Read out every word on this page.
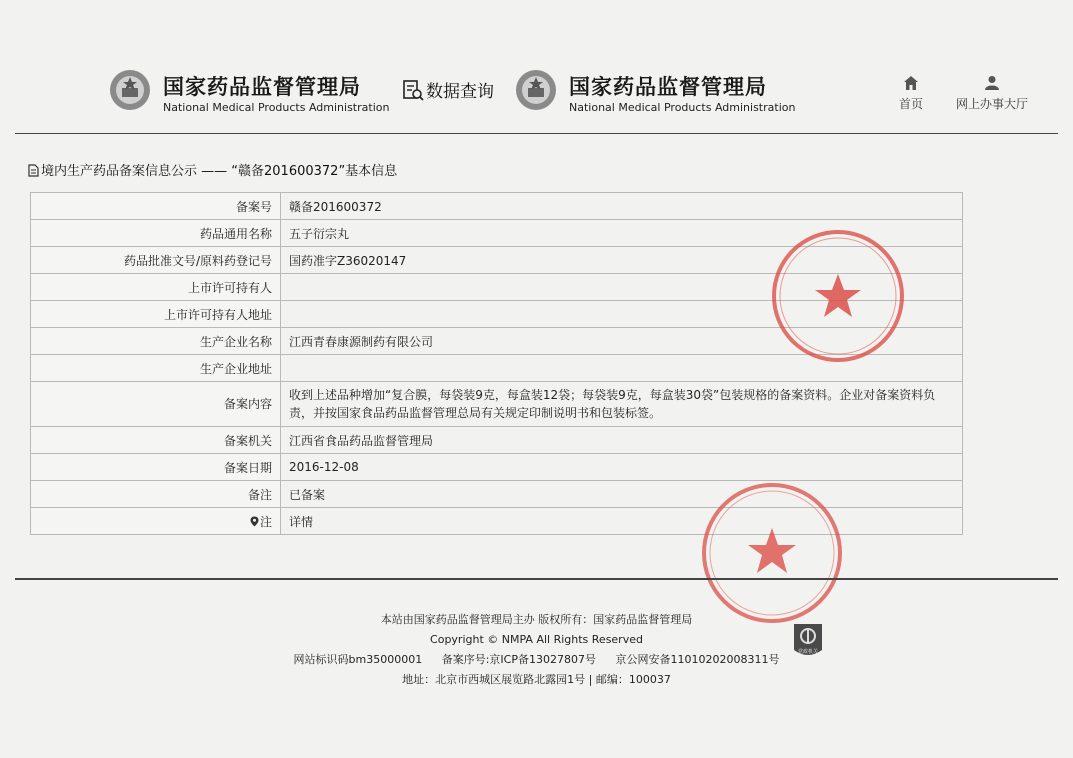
国家药品监督管理局
National Medical Products Administration
数据查询	国家药品监督管理局
National Medical Products Administration	首页	网上办事大厅
境内生产药品备案信息公示 —— “赣备201600372”基本信息
备案号	赣备201600372
药品通用名称	五子衍宗丸
药品批准文号/原料药登记号	国药准字Z36020147
上市许可持有人	
上市许可持有人地址	
生产企业名称	江西青春康源制药有限公司
生产企业地址	
备案内容	收到上述品种增加“复合膜，每袋装9克，每盒装12袋；每袋装9克，每盒装30袋”包装规格的备案资料。企业对备案资料负责，并按国家食品药品监督管理总局有关规定印制说明书和包装标签。
备案机关	江西省食品药品监督管理局
备案日期	2016-12-08
备注	已备案
注	详情
本站由国家药品监督管理局主办 版权所有：国家药品监督管理局
Copyright © NMPA All Rights Reserved
网站标识码bm35000001 备案序号:京ICP备13027807号 京公网安备11010202008311号
地址：北京市西城区展览路北露园1号 | 邮编：100037
党政机关
